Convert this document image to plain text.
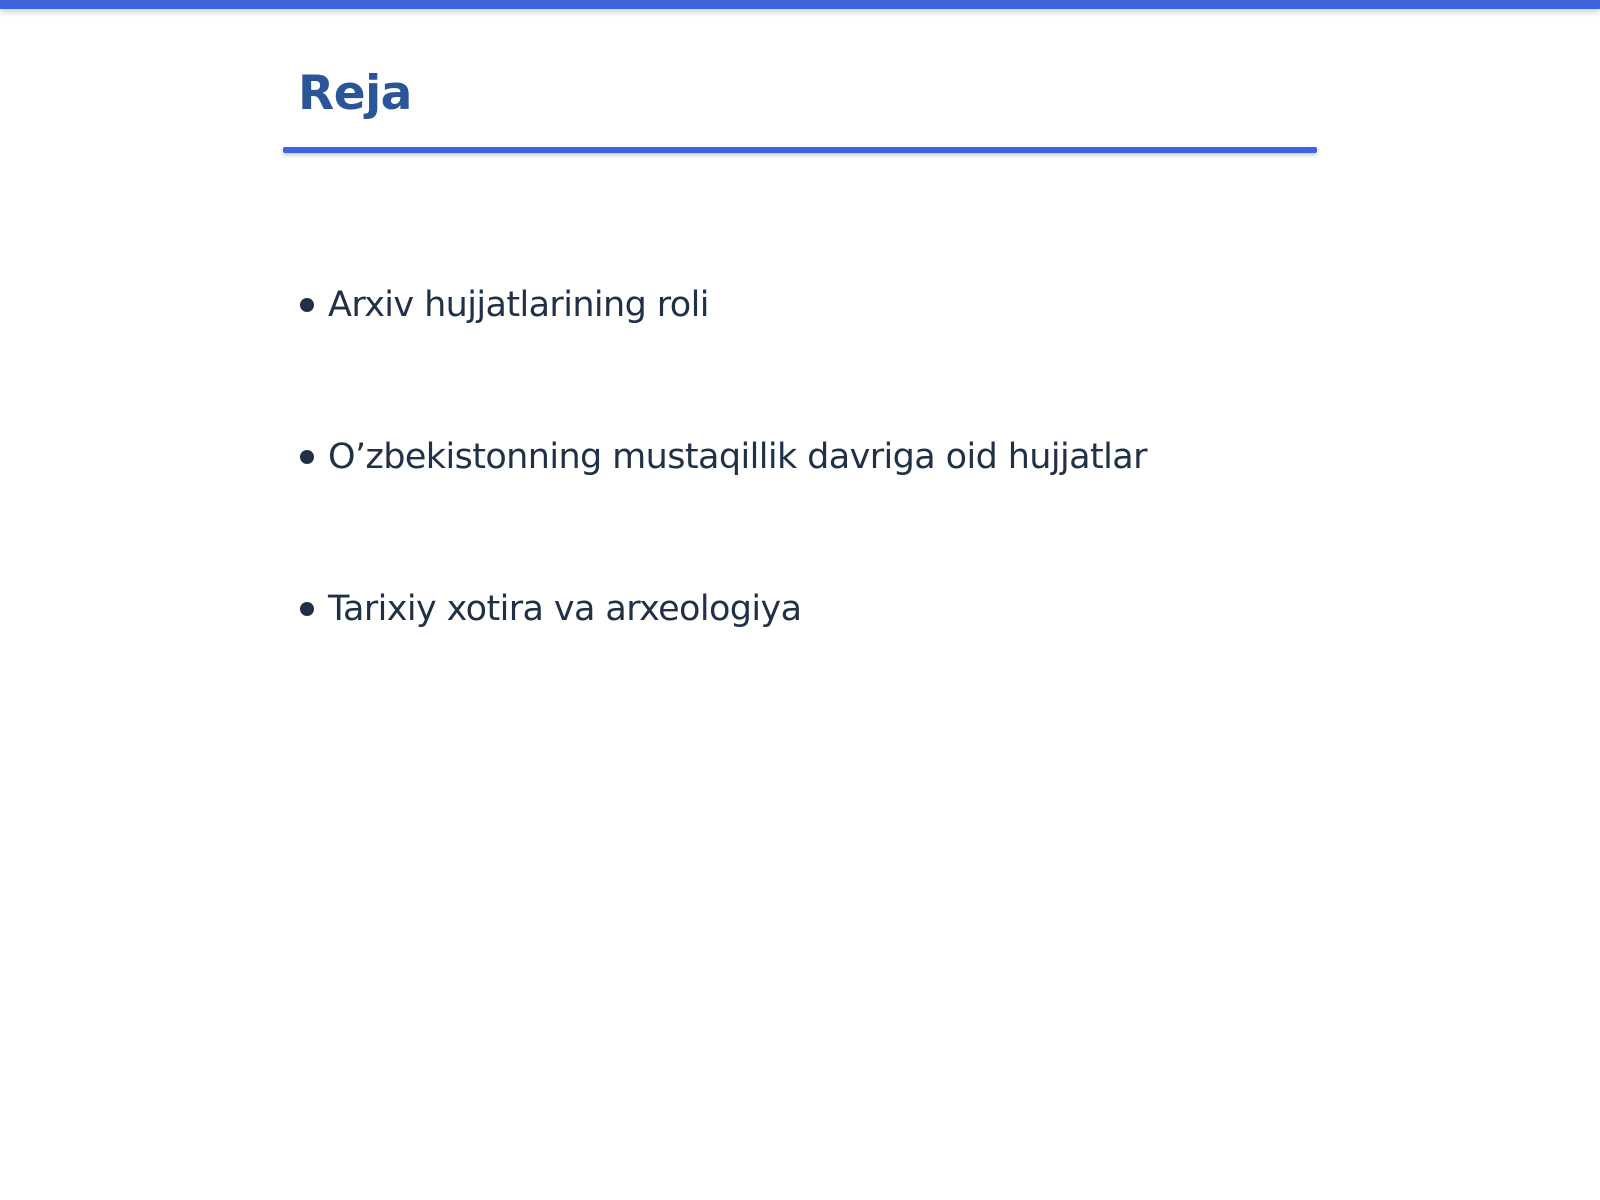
Reja
Arxiv hujjatlarining roli
O’zbekistonning mustaqillik davriga oid hujjatlar
Tarixiy xotira va arxeologiya
